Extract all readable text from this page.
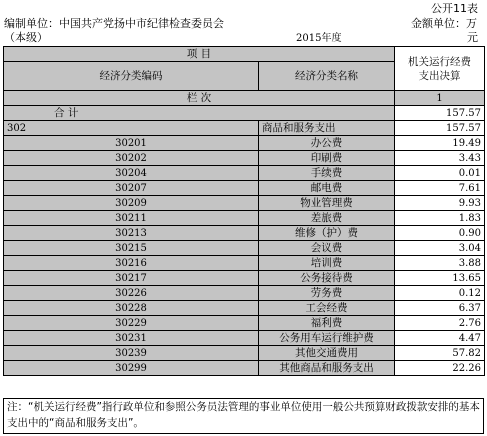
公开11表
编制单位：中国共产党扬中市纪律检查委员会	金额单位：万
（本级）	2015年度	元
项 目		机关运行经费
支出决算
经济分类编码	经济分类名称	
栏 次		1
合 计		157.57
302	商品和服务支出	157.57
30201	办公费	19.49
30202	印刷费	3.43
30204	手续费	0.01
30207	邮电费	7.61
30209	物业管理费	9.93
30211	差旅费	1.83
30213	维修（护）费	0.90
30215	会议费	3.04
30216	培训费	3.88
30217	公务接待费	13.65
30226	劳务费	0.12
30228	工会经费	6.37
30229	福利费	2.76
30231	公务用车运行维护费	4.47
30239	其他交通费用	57.82
30299	其他商品和服务支出	22.26
注：“机关运行经费”指行政单位和参照公务员法管理的事业单位使用一般公共预算财政拨款安排的基本支出中的“商品和服务支出”。
